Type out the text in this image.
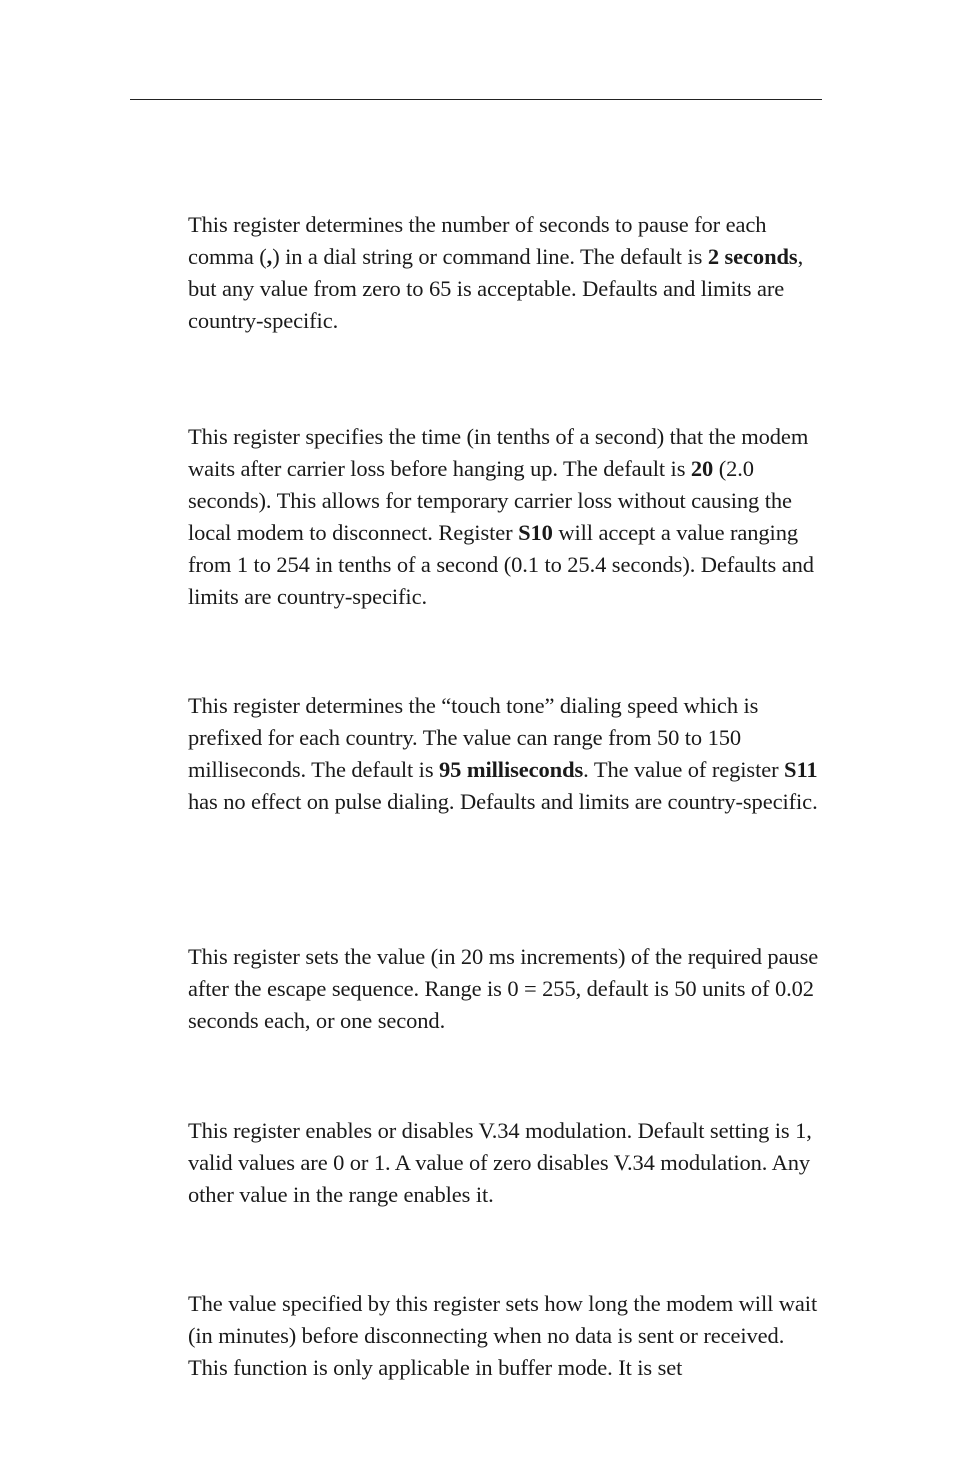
This register determines the number of seconds to pause for each comma (,) in a dial string or command line. The default is 2 seconds, but any value from zero to 65 is acceptable. Defaults and limits are country-specific.

This register specifies the time (in tenths of a second) that the modem waits after carrier loss before hanging up. The default is 20 (2.0 seconds). This allows for temporary carrier loss without causing the local modem to disconnect. Register S10 will accept a value ranging from 1 to 254 in tenths of a second (0.1 to 25.4 seconds). Defaults and limits are country-specific.

This register determines the “touch tone” dialing speed which is prefixed for each country. The value can range from 50 to 150 milliseconds. The default is 95 milliseconds. The value of register S11 has no effect on pulse dialing. Defaults and limits are country-specific.

This register sets the value (in 20 ms increments) of the required pause after the escape sequence. Range is 0 = 255, default is 50 units of 0.02 seconds each, or one second.

This register enables or disables V.34 modulation. Default setting is 1, valid values are 0 or 1. A value of zero disables V.34 modulation. Any other value in the range enables it.

The value specified by this register sets how long the modem will wait (in minutes) before disconnecting when no data is sent or received. This function is only applicable in buffer mode. It is set
